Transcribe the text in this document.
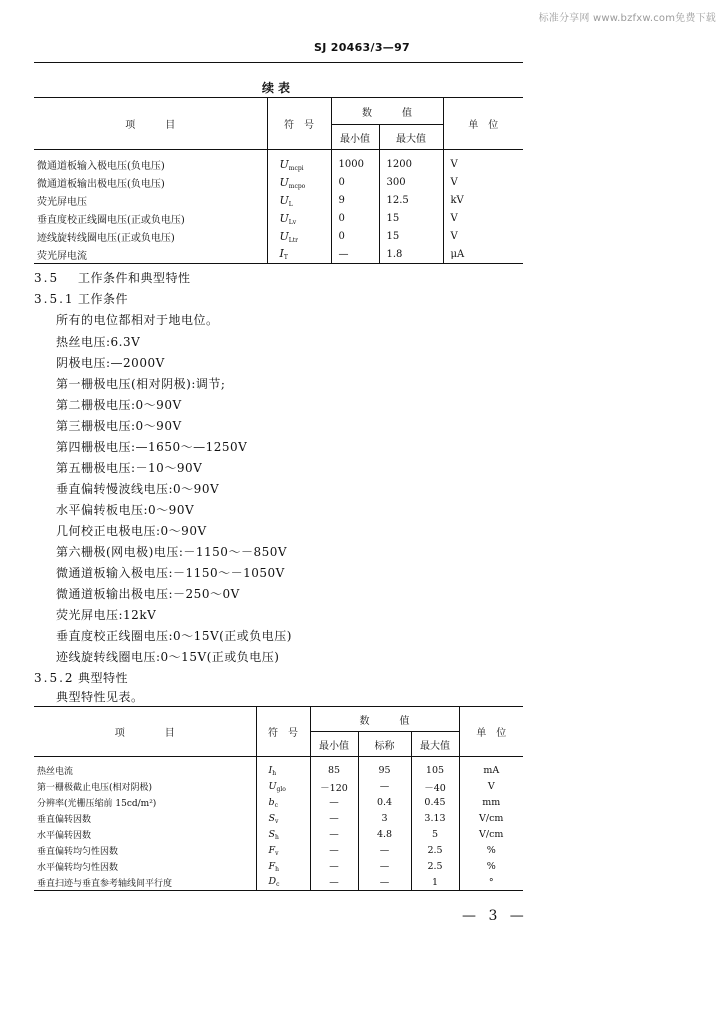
标准分享网 www.bzfxw.com免费下载
SJ 20463/3—97
续表
项　　　目	符　号	数　　　值		单　位
		最小值	最大值	
微通道板输入极电压(负电压)	$U_{mcpi}$	1000	1200	V
微通道板输出极电压(负电压)	$U_{mcpo}$	0	300	V
荧光屏电压	$U_L$	9	12.5	kV
垂直度校正线圈电压(正或负电压)	$U_{Lv}$	0	15	V
迹线旋转线圈电压(正或负电压)	$U_{Ltr}$	0	15	V
荧光屏电流	$I_T$	—	1.8	μA
3.5 工作条件和典型特性
3.5.1 工作条件
所有的电位都相对于地电位。
热丝电压:6.3V
阴极电压:—2000V
第一栅极电压(相对阴极):调节;
第二栅极电压:0～90V
第三栅极电压:0～90V
第四栅极电压:—1650～—1250V
第五栅极电压:－10～90V
垂直偏转慢波线电压:0～90V
水平偏转板电压:0～90V
几何校正电极电压:0～90V
第六栅极(网电极)电压:－1150～－850V
微通道板输入极电压:－1150～－1050V
微通道板输出极电压:－250～0V
荧光屏电压:12kV
垂直度校正线圈电压:0～15V(正或负电压)
迹线旋转线圈电压:0～15V(正或负电压)
3.5.2 典型特性
典型特性见表。
项　　　　目	符　号	数　　　值			单　位
		最小值	标称	最大值	
热丝电流	$I_h$	85	95	105	mA
第一栅极截止电压(相对阴极)	$U_{glo}$	－120	—	－40	V
分辨率(光栅压缩前 15cd/m²)	$b_c$	—	0.4	0.45	mm
垂直偏转因数	$S_v$	—	3	3.13	V/cm
水平偏转因数	$S_h$	—	4.8	5	V/cm
垂直偏转均匀性因数	$F_v$	—	—	2.5	%
水平偏转均匀性因数	$F_h$	—	—	2.5	%
垂直扫迹与垂直参考轴线间平行度	$D_c$	—	—	1	°
— 3 —
